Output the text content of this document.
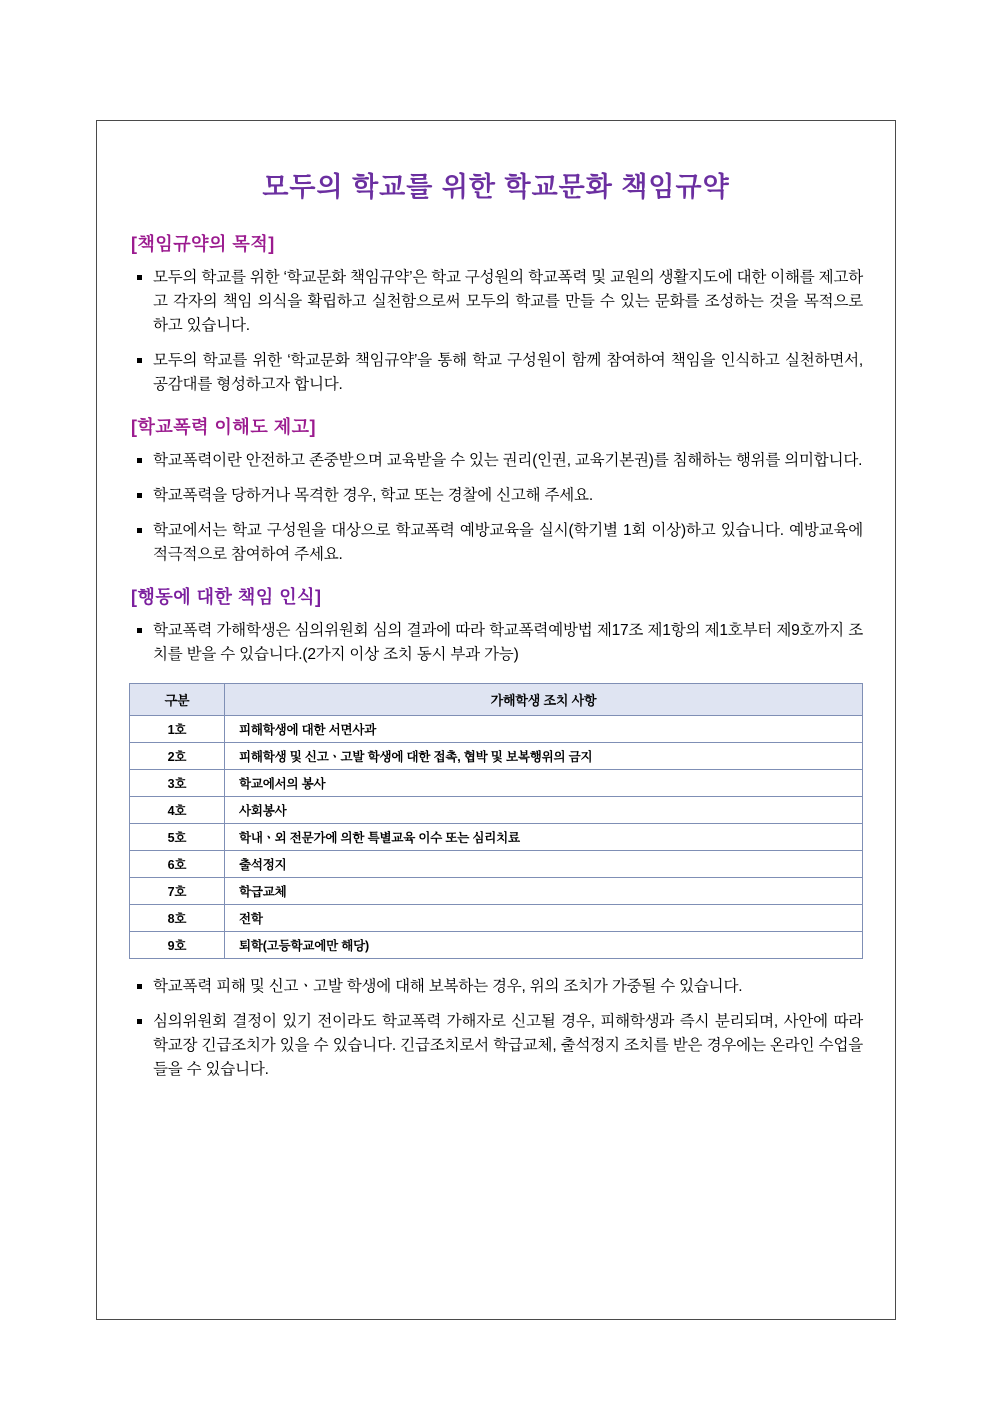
모두의 학교를 위한 학교문화 책임규약
[책임규약의 목적]
모두의 학교를 위한 ‘학교문화 책임규약’은 학교 구성원의 학교폭력 및 교원의 생활지도에 대한 이해를 제고하고 각자의 책임 의식을 확립하고 실천함으로써 모두의 학교를 만들 수 있는 문화를 조성하는 것을 목적으로 하고 있습니다.
모두의 학교를 위한 ‘학교문화 책임규약’을 통해 학교 구성원이 함께 참여하여 책임을 인식하고 실천하면서, 공감대를 형성하고자 합니다.
[학교폭력 이해도 제고]
학교폭력이란 안전하고 존중받으며 교육받을 수 있는 권리(인권, 교육기본권)를 침해하는 행위를 의미합니다.
학교폭력을 당하거나 목격한 경우, 학교 또는 경찰에 신고해 주세요.
학교에서는 학교 구성원을 대상으로 학교폭력 예방교육을 실시(학기별 1회 이상)하고 있습니다. 예방교육에 적극적으로 참여하여 주세요.
[행동에 대한 책임 인식]
학교폭력 가해학생은 심의위원회 심의 결과에 따라 학교폭력예방법 제17조 제1항의 제1호부터 제9호까지 조치를 받을 수 있습니다.(2가지 이상 조치 동시 부과 가능)
구분	가해학생 조치 사항
1호	피해학생에 대한 서면사과
2호	피해학생 및 신고ㆍ고발 학생에 대한 접촉, 협박 및 보복행위의 금지
3호	학교에서의 봉사
4호	사회봉사
5호	학내ㆍ외 전문가에 의한 특별교육 이수 또는 심리치료
6호	출석정지
7호	학급교체
8호	전학
9호	퇴학(고등학교에만 해당)
학교폭력 피해 및 신고ㆍ고발 학생에 대해 보복하는 경우, 위의 조치가 가중될 수 있습니다.
심의위원회 결정이 있기 전이라도 학교폭력 가해자로 신고될 경우, 피해학생과 즉시 분리되며, 사안에 따라 학교장 긴급조치가 있을 수 있습니다. 긴급조치로서 학급교체, 출석정지 조치를 받은 경우에는 온라인 수업을 들을 수 있습니다.
